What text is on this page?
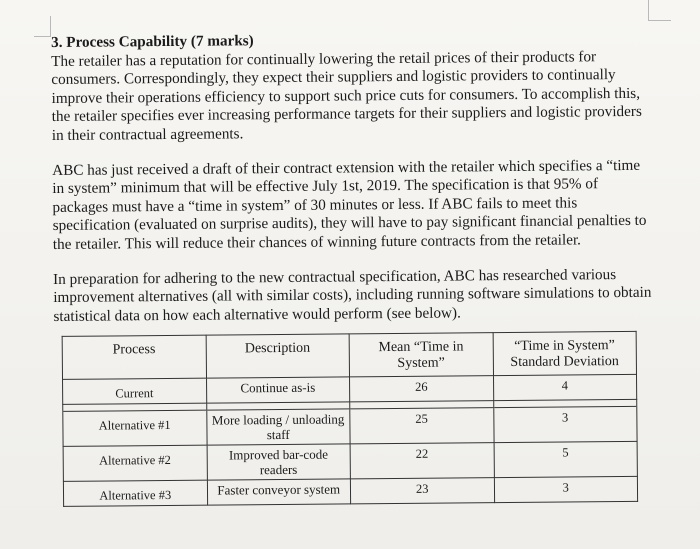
3. Process Capability (7 marks)

The retailer has a reputation for continually lowering the retail prices of their products for consumers. Correspondingly, they expect their suppliers and logistic providers to continually improve their operations efficiency to support such price cuts for consumers. To accomplish this, the retailer specifies ever increasing performance targets for their suppliers and logistic providers in their contractual agreements.

ABC has just received a draft of their contract extension with the retailer which specifies a “time in system” minimum that will be effective July 1st, 2019. The specification is that 95% of packages must have a “time in system” of 30 minutes or less. If ABC fails to meet this specification (evaluated on surprise audits), they will have to pay significant financial penalties to the retailer. This will reduce their chances of winning future contracts from the retailer.

In preparation for adhering to the new contractual specification, ABC has researched various improvement alternatives (all with similar costs), including running software simulations to obtain statistical data on how each alternative would perform (see below).

Process	Description	Mean “Time in System”	“Time in System” Standard Deviation
Current	Continue as-is	26	4

Alternative #1	More loading / unloading staff	25	3
Alternative #2	Improved bar-code readers	22	5
Alternative #3	Faster conveyor system	23	3
